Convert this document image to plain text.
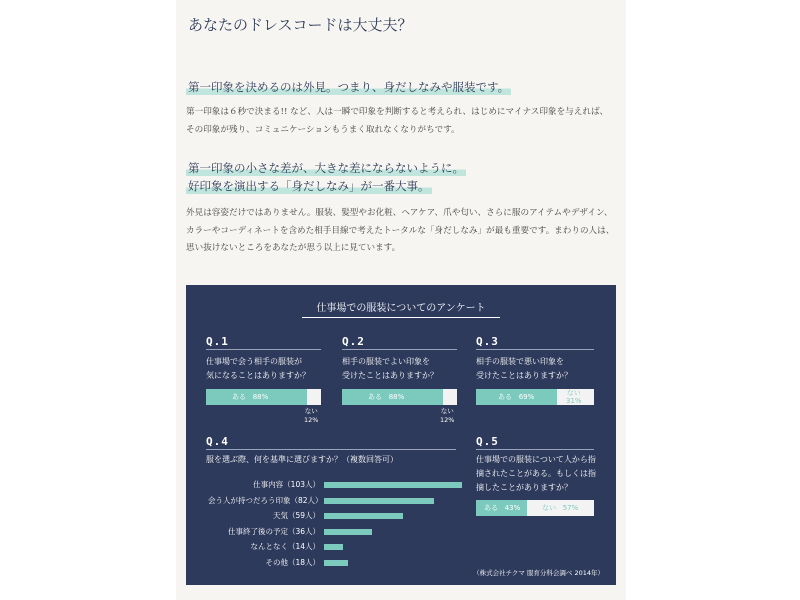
あなたのドレスコードは大丈夫？
第一印象を決めるのは外見。つまり、身だしなみや服装です。
第一印象は６秒で決まる!! など、人は一瞬で印象を判断すると考えられ、はじめにマイナス印象を与えれば、
その印象が残り、コミュニケーションもうまく取れなくなりがちです。
第一印象の小さな差が、大きな差にならないように。
好印象を演出する「身だしなみ」が一番大事。
外見は容姿だけではありません。服装、髪型やお化粧、ヘアケア、爪や匂い、さらに服のアイテムやデザイン、
カラーやコーディネートを含めた相手目線で考えたトータルな「身だしなみ」が最も重要です。まわりの人は、
思い抜けないところをあなたが思う以上に見ています。
仕事場での服装についてのアンケート
Q.1
仕事場で会う相手の服装が
気になることはありますか？
ある
88%
ない
12%
Q.2
相手の服装でよい印象を
受けたことはありますか？
ある
88%
ない
12%
Q.3
相手の服装で悪い印象を
受けたことはありますか？
ある
69%	ない
31%
Q.4
服を選ぶ際、何を基準に選びますか？（複数回答可）
仕事内容（103人）
会う人が持つだろう印象（82人）
天気（59人）
仕事終了後の予定（36人）
なんとなく（14人）
その他（18人）
Q.5
仕事場での服装について人から指
摘されたことがある。もしくは指
摘したことがありますか？
ある
43%	ない
57%
（株式会社チクマ 服育分科会調べ 2014年）
